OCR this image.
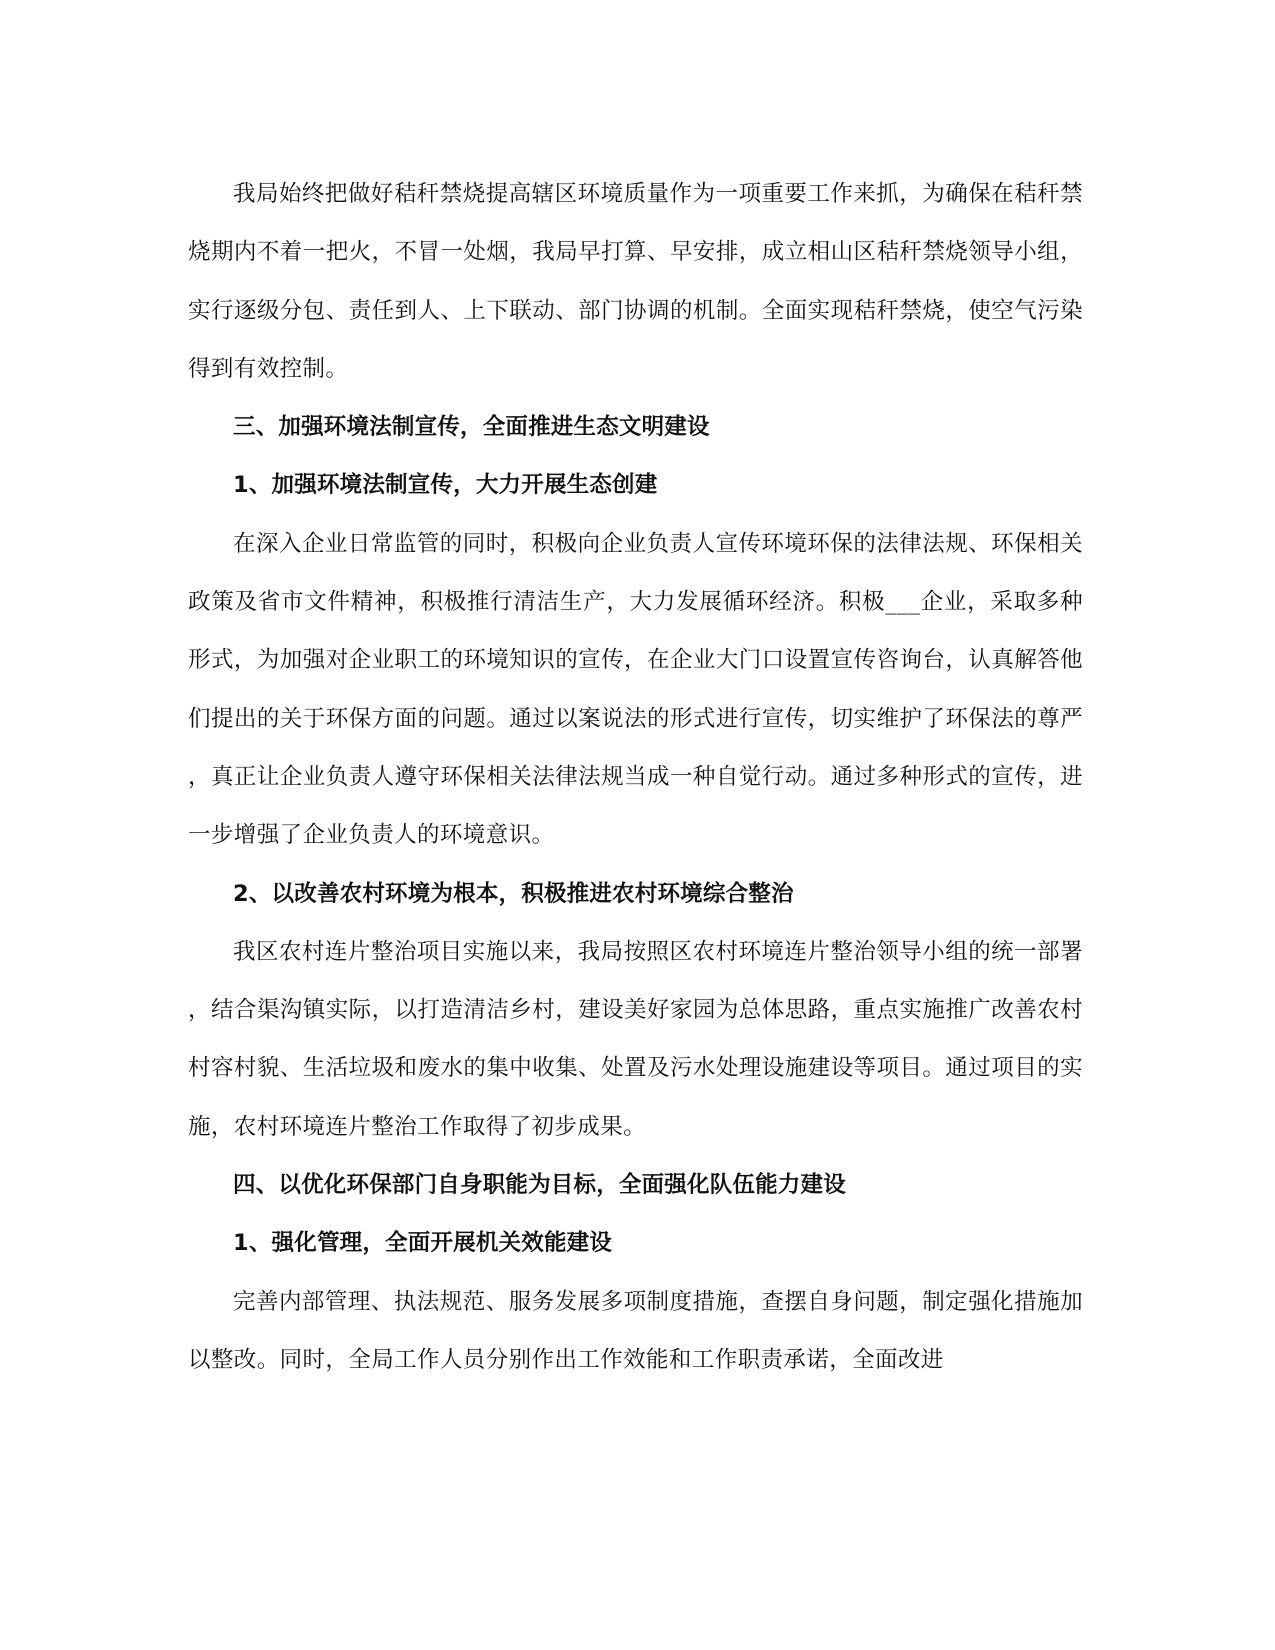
我局始终把做好秸秆禁烧提高辖区环境质量作为一项重要工作来抓，为确保在秸秆禁烧期内不着一把火，不冒一处烟，我局早打算、早安排，成立相山区秸秆禁烧领导小组，实行逐级分包、责任到人、上下联动、部门协调的机制。全面实现秸秆禁烧，使空气污染得到有效控制。

三、加强环境法制宣传，全面推进生态文明建设

1、加强环境法制宣传，大力开展生态创建

在深入企业日常监管的同时，积极向企业负责人宣传环境环保的法律法规、环保相关政策及省市文件精神，积极推行清洁生产，大力发展循环经济。积极___企业，采取多种形式，为加强对企业职工的环境知识的宣传，在企业大门口设置宣传咨询台，认真解答他们提出的关于环保方面的问题。通过以案说法的形式进行宣传，切实维护了环保法的尊严，真正让企业负责人遵守环保相关法律法规当成一种自觉行动。通过多种形式的宣传，进一步增强了企业负责人的环境意识。

2、以改善农村环境为根本，积极推进农村环境综合整治

我区农村连片整治项目实施以来，我局按照区农村环境连片整治领导小组的统一部署，结合渠沟镇实际，以打造清洁乡村，建设美好家园为总体思路，重点实施推广改善农村村容村貌、生活垃圾和废水的集中收集、处置及污水处理设施建设等项目。通过项目的实施，农村环境连片整治工作取得了初步成果。

四、以优化环保部门自身职能为目标，全面强化队伍能力建设

1、强化管理，全面开展机关效能建设

完善内部管理、执法规范、服务发展多项制度措施，查摆自身问题，制定强化措施加以整改。同时，全局工作人员分别作出工作效能和工作职责承诺，全面改进
